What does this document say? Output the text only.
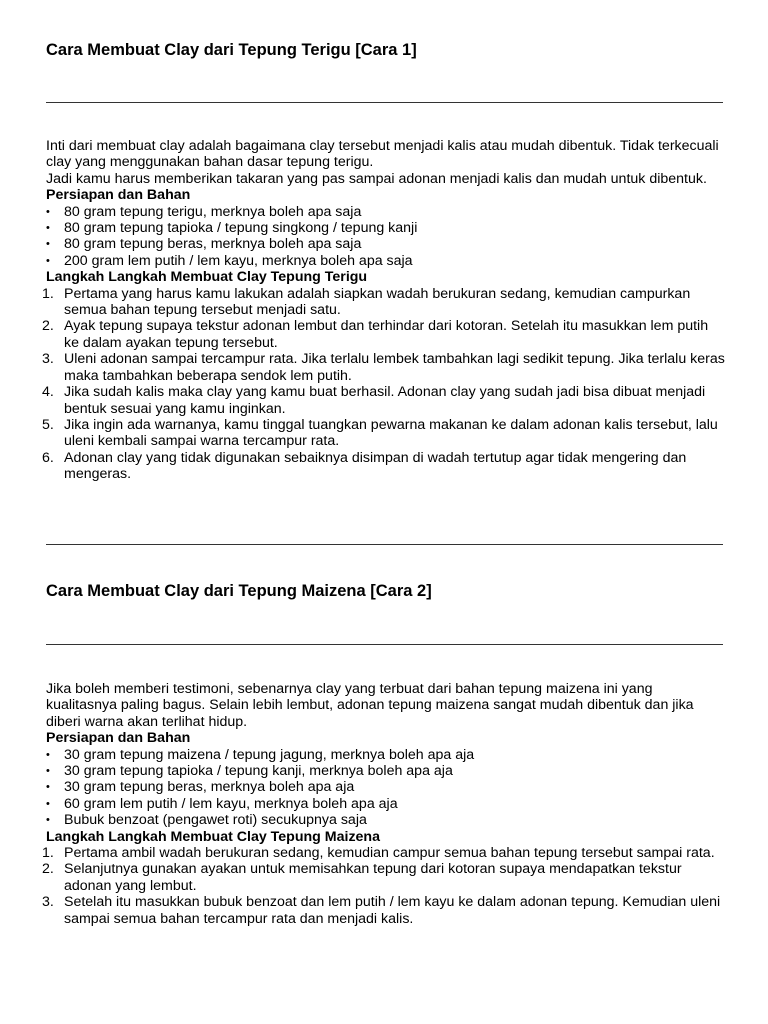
Cara Membuat Clay dari Tepung Terigu [Cara 1]

Inti dari membuat clay adalah bagaimana clay tersebut menjadi kalis atau mudah dibentuk. Tidak terkecuali clay yang menggunakan bahan dasar tepung terigu.

Jadi kamu harus memberikan takaran yang pas sampai adonan menjadi kalis dan mudah untuk dibentuk.

Persiapan dan Bahan

• 80 gram tepung terigu, merknya boleh apa saja
• 80 gram tepung tapioka / tepung singkong / tepung kanji
• 80 gram tepung beras, merknya boleh apa saja
• 200 gram lem putih / lem kayu, merknya boleh apa saja

Langkah Langkah Membuat Clay Tepung Terigu

1. Pertama yang harus kamu lakukan adalah siapkan wadah berukuran sedang, kemudian campurkan semua bahan tepung tersebut menjadi satu.
2. Ayak tepung supaya tekstur adonan lembut dan terhindar dari kotoran. Setelah itu masukkan lem putih ke dalam ayakan tepung tersebut.
3. Uleni adonan sampai tercampur rata. Jika terlalu lembek tambahkan lagi sedikit tepung. Jika terlalu keras maka tambahkan beberapa sendok lem putih.
4. Jika sudah kalis maka clay yang kamu buat berhasil. Adonan clay yang sudah jadi bisa dibuat menjadi bentuk sesuai yang kamu inginkan.
5. Jika ingin ada warnanya, kamu tinggal tuangkan pewarna makanan ke dalam adonan kalis tersebut, lalu uleni kembali sampai warna tercampur rata.
6. Adonan clay yang tidak digunakan sebaiknya disimpan di wadah tertutup agar tidak mengering dan mengeras.
Cara Membuat Clay dari Tepung Maizena [Cara 2]

Jika boleh memberi testimoni, sebenarnya clay yang terbuat dari bahan tepung maizena ini yang kualitasnya paling bagus. Selain lebih lembut, adonan tepung maizena sangat mudah dibentuk dan jika diberi warna akan terlihat hidup.

Persiapan dan Bahan

• 30 gram tepung maizena / tepung jagung, merknya boleh apa aja
• 30 gram tepung tapioka / tepung kanji, merknya boleh apa aja
• 30 gram tepung beras, merknya boleh apa aja
• 60 gram lem putih / lem kayu, merknya boleh apa aja
• Bubuk benzoat (pengawet roti) secukupnya saja

Langkah Langkah Membuat Clay Tepung Maizena

1. Pertama ambil wadah berukuran sedang, kemudian campur semua bahan tepung tersebut sampai rata.
2. Selanjutnya gunakan ayakan untuk memisahkan tepung dari kotoran supaya mendapatkan tekstur adonan yang lembut.
3. Setelah itu masukkan bubuk benzoat dan lem putih / lem kayu ke dalam adonan tepung. Kemudian uleni sampai semua bahan tercampur rata dan menjadi kalis.
